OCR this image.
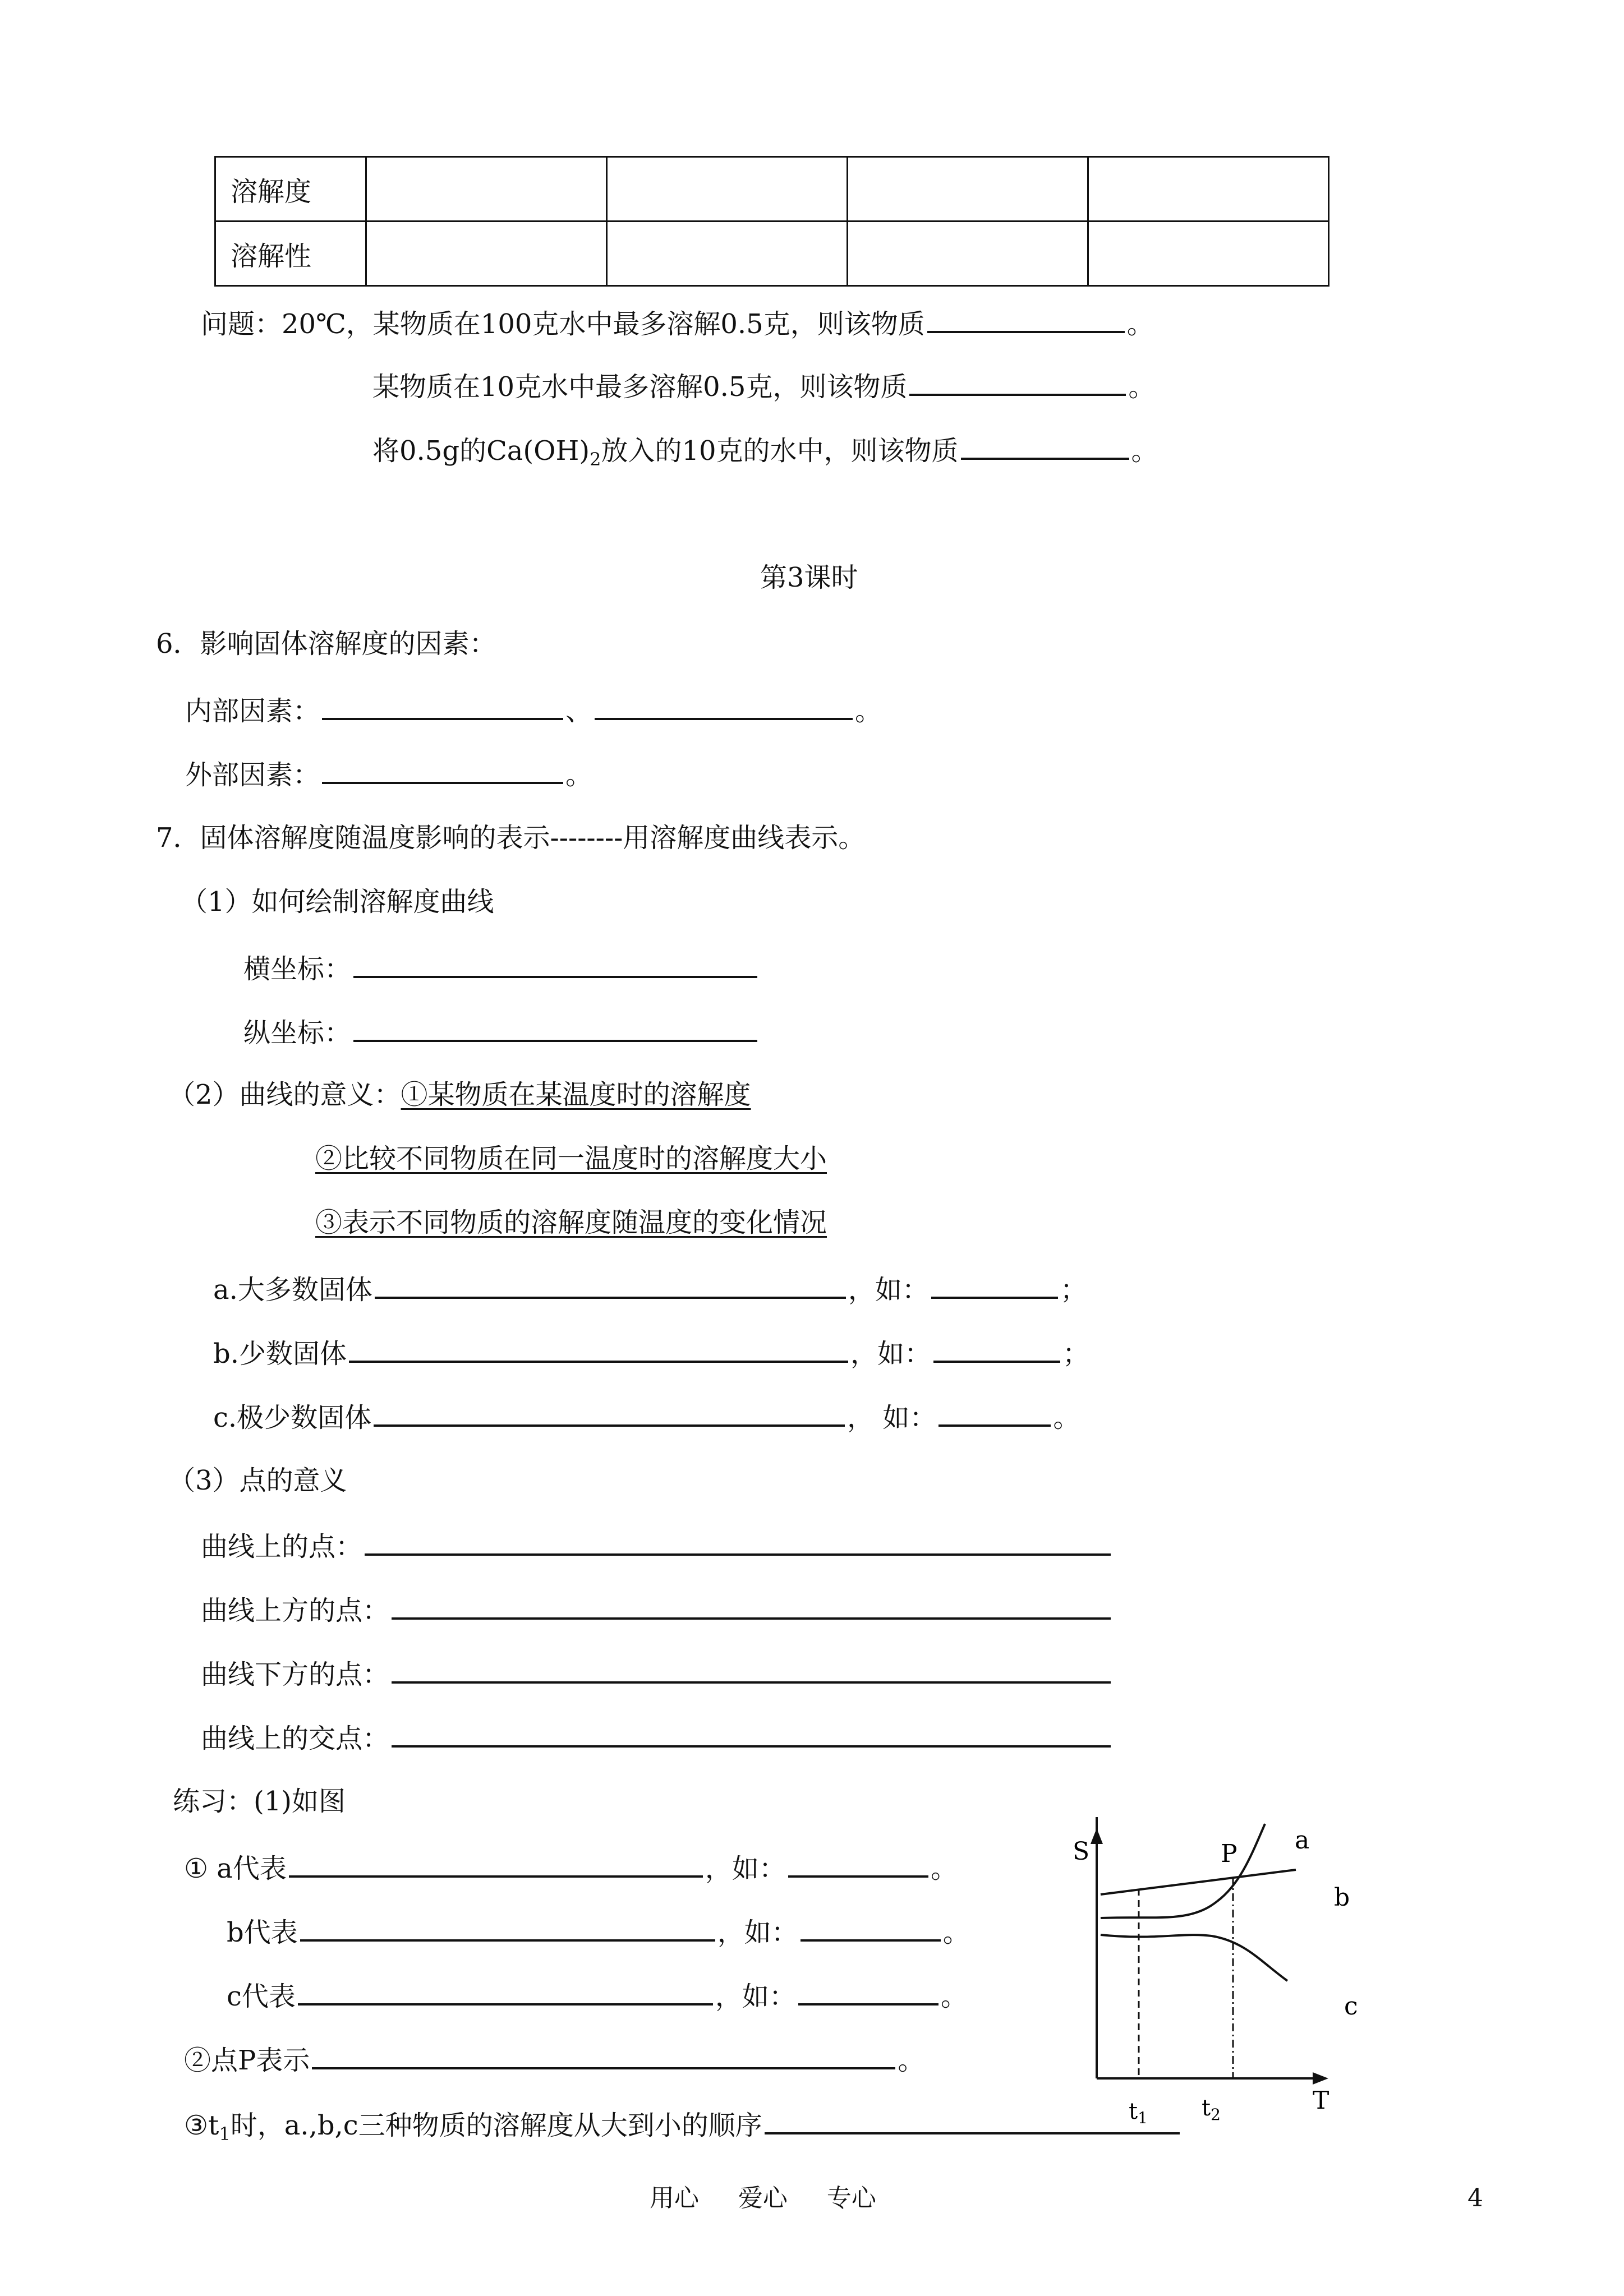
溶解度				
溶解性				
问题：20℃，某物质在100克水中最多溶解0.5克，则该物质	。
某物质在10克水中最多溶解0.5克，则该物质	。
将0.5g的$Ca(OH)_2$放入的10克的水中，则该物质	。
第3课时
6．影响固体溶解度的因素：
内部因素：	、	。
外部因素：	。
7．固体溶解度随温度影响的表示--------用溶解度曲线表示。
（1）如何绘制溶解度曲线
横坐标：
纵坐标：
（2）曲线的意义：①某物质在某温度时的溶解度
②比较不同物质在同一温度时的溶解度大小
③表示不同物质的溶解度随温度的变化情况
a.大多数固体	，如：	；
b.少数固体	，如：	；
c.极少数固体	， 如：	。
（3）点的意义
曲线上的点：
曲线上方的点：
曲线下方的点：
曲线上的交点：
练习：(1)如图
① a代表	，如：	。
b代表	，如：	。
c代表	，如：	。
②点P表示	。
$③t_1$时，a.,b,c三种物质的溶解度从大到小的顺序
S
T
P a
b
c
$t_1$ $t_2$
用心     爱心     专心	4
